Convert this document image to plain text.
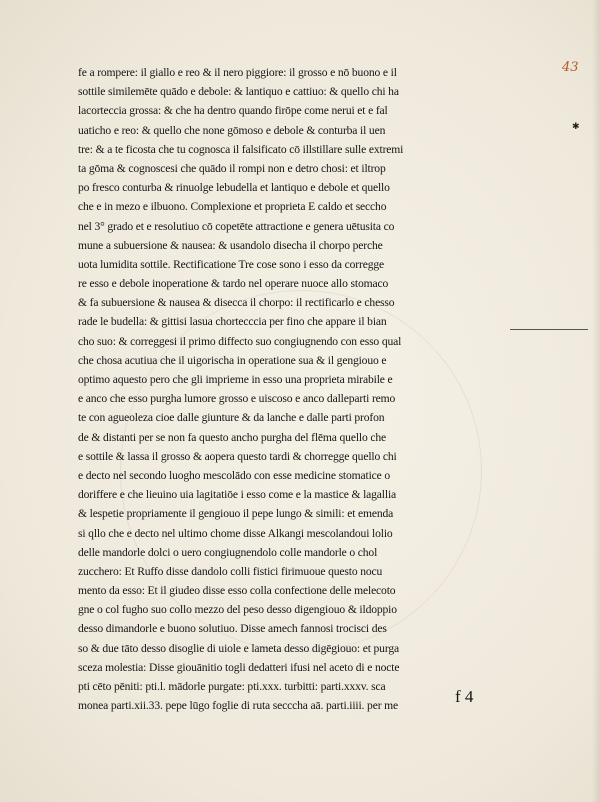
43
✱
fe a rompere: il giallo e reo & il nero piggiore: il grosso e nō buono e il
sottile similemēte quādo e debole: & lantiquo e cattiuo: & quello chi ha
lacorteccia grossa: & che ha dentro quando firōpe come nerui et e fal
uaticho e reo: & quello che none gōmoso e debole & conturba il uen
tre: & a te ficosta che tu cognosca il falsificato cō illstillare sulle extremi
ta gōma & cognoscesi che quādo il rompi non e detro chosi: et iltrop
po fresco conturba & rinuolge lebudella et lantiquo e debole et quello
che e in mezo e ilbuono. Complexione et proprieta E caldo et seccho
nel 3° grado et e resolutiuo cō copetēte attractione e genera uētusita co
mune a subuersione & nausea: & usandolo disecha il chorpo perche
uota lumidita sottile. Rectificatione Tre cose sono i esso da corregge
re esso e debole inoperatione & tardo nel operare nuoce allo stomaco
& fa subuersione & nausea & disecca il chorpo: il rectificarlo e chesso
rade le budella: & gittisi lasua chortecccia per fino che appare il bian
cho suo: & correggesi il primo diffecto suo congiugnendo con esso qual
che chosa acutiua che il uigorischa in operatione sua & il gengiouo e
optimo aquesto pero che gli imprieme in esso una proprieta mirabile e
e anco che esso purgha lumore grosso e uiscoso e anco dalleparti remo
te con agueoleza cioe dalle giunture & da lanche e dalle parti profon
de & distanti per se non fa questo ancho purgha del flēma quello che
e sottile & lassa il grosso & aopera questo tardi & chorregge quello chi
e decto nel secondo luogho mescolādo con esse medicine stomatice o
doriffere e che lieuino uia lagitatiōe i esso come e la mastice & lagallia
& lespetie propriamente il gengiouo il pepe lungo & simili: et emenda
si qllo che e decto nel ultimo chome disse Alkangi mescolandoui lolio
delle mandorle dolci o uero congiugnendolo colle mandorle o chol
zucchero: Et Ruffo disse dandolo colli fistici firimuoue questo nocu
mento da esso: Et il giudeo disse esso colla confectione delle melecoto
gne o col fugho suo collo mezzo del peso desso digengiouo & ildoppio
desso dimandorle e buono solutiuo. Disse amech fannosi trocisci des
so & due tāto desso disoglie di uiole e lameta desso digēgiouo: et purga
sceza molestia: Disse giouānitio togli dedatteri ifusi nel aceto di e nocte
pti cēto pēniti: pti.l. mādorle purgate: pti.xxx. turbitti: parti.xxxv. sca
monea parti.xii.33. pepe lūgo foglie di ruta secccha aā. parti.iiii. per me	f 4
